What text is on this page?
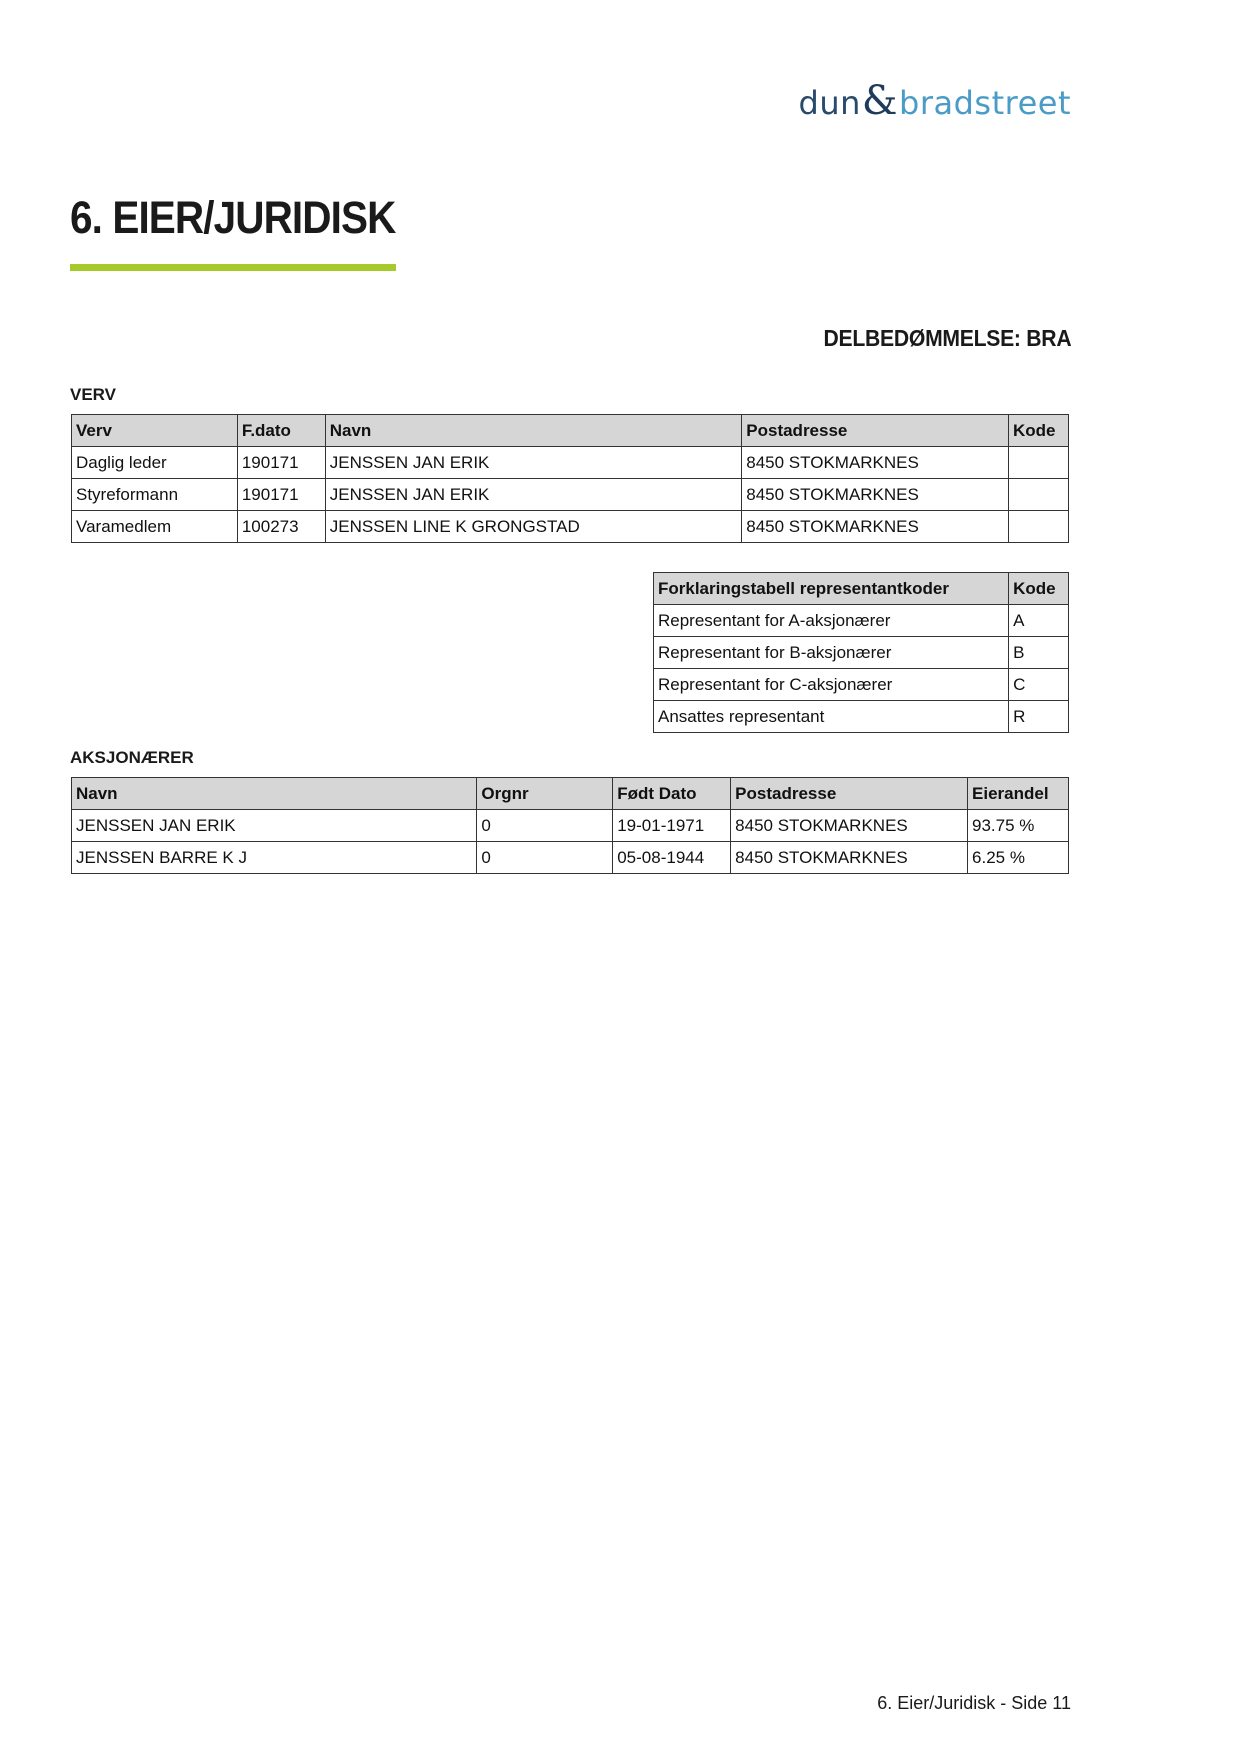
dun&bradstreet
6. EIER/JURIDISK
DELBEDØMMELSE: BRA
VERV
Verv	F.dato	Navn	Postadresse	Kode
Daglig leder	190171	JENSSEN JAN ERIK	8450 STOKMARKNES	
Styreformann	190171	JENSSEN JAN ERIK	8450 STOKMARKNES	
Varamedlem	100273	JENSSEN LINE K GRONGSTAD	8450 STOKMARKNES	
Forklaringstabell representantkoder	Kode
Representant for A-aksjonærer	A
Representant for B-aksjonærer	B
Representant for C-aksjonærer	C
Ansattes representant	R
AKSJONÆRER
Navn	Orgnr	Født Dato	Postadresse	Eierandel
JENSSEN JAN ERIK	0	19-01-1971	8450 STOKMARKNES	93.75 %
JENSSEN BARRE K J	0	05-08-1944	8450 STOKMARKNES	6.25 %
6. Eier/Juridisk - Side 11
